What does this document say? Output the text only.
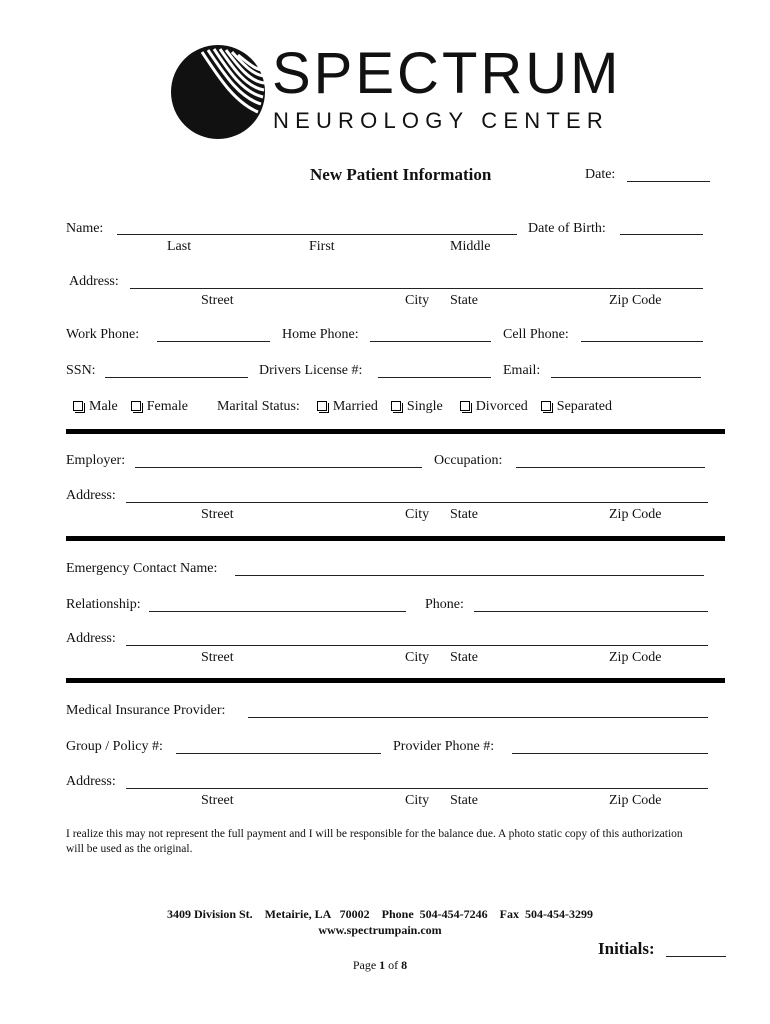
SPECTRUM
NEUROLOGY CENTER
New Patient Information	Date:
Name:	Date of Birth:
Last	First	Middle
Address:
Street	City State	Zip Code
Work Phone:	Home Phone:	Cell Phone:
SSN:	Drivers License #:	Email:
Male Female Marital Status: Married Single Divorced Separated
Employer:	Occupation:
Address:
Street	City State	Zip Code
Emergency Contact Name:
Relationship:	Phone:
Address:
Street	City State	Zip Code
Medical Insurance Provider:
Group / Policy #:	Provider Phone #:
Address:
Street	City State	Zip Code
I realize this may not represent the full payment and I will be responsible for the balance due. A photo static copy of this authorization will be used as the original.
3409 Division St.    Metairie, LA   70002    Phone  504-454-7246    Fax  504-454-3299
www.spectrumpain.com
Initials:
Page 1 of 8
